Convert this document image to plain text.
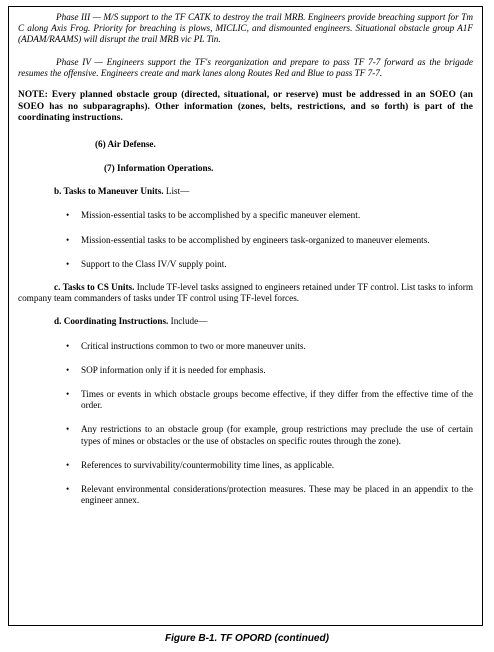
Phase III — M/S support to the TF CATK to destroy the trail MRB. Engineers provide breaching support for Tm C along Axis Frog. Priority for breaching is plows, MICLIC, and dismounted engineers. Situational obstacle group A1F (ADAM/RAAMS) will disrupt the trail MRB vic PL Tin.

Phase IV — Engineers support the TF's reorganization and prepare to pass TF 7-7 forward as the brigade resumes the offensive. Engineers create and mark lanes along Routes Red and Blue to pass TF 7-7.

NOTE: Every planned obstacle group (directed, situational, or reserve) must be addressed in an SOEO (an SOEO has no subparagraphs). Other information (zones, belts, restrictions, and so forth) is part of the coordinating instructions.

(6) Air Defense.

(7) Information Operations.

b. Tasks to Maneuver Units. List—

• Mission-essential tasks to be accomplished by a specific maneuver element.
• Mission-essential tasks to be accomplished by engineers task-organized to maneuver elements.
• Support to the Class IV/V supply point.

c. Tasks to CS Units. Include TF-level tasks assigned to engineers retained under TF control. List tasks to inform company team commanders of tasks under TF control using TF-level forces.

d. Coordinating Instructions. Include—

• Critical instructions common to two or more maneuver units.
• SOP information only if it is needed for emphasis.
• Times or events in which obstacle groups become effective, if they differ from the effective time of the order.
• Any restrictions to an obstacle group (for example, group restrictions may preclude the use of certain types of mines or obstacles or the use of obstacles on specific routes through the zone).
• References to survivability/countermobility time lines, as applicable.
• Relevant environmental considerations/protection measures. These may be placed in an appendix to the engineer annex.
Figure B-1. TF OPORD (continued)
